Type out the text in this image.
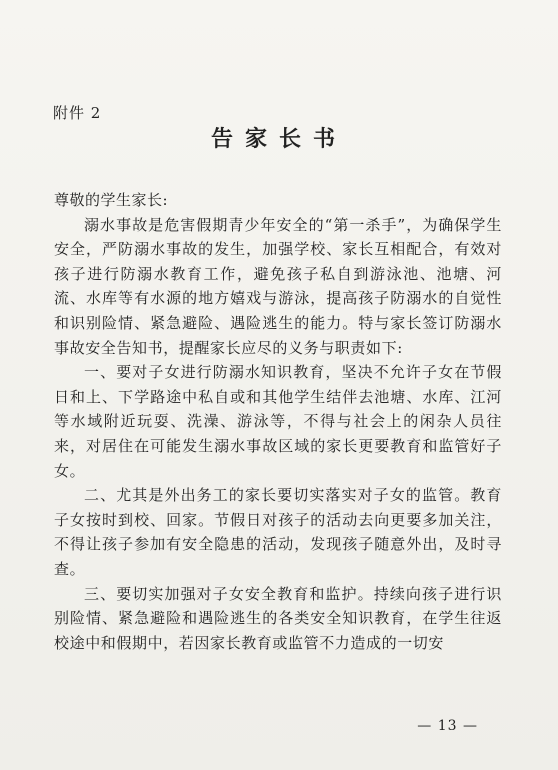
附件 2
告家长书

尊敬的学生家长:

溺水事故是危害假期青少年安全的“第一杀手”，为确保学生安全，严防溺水事故的发生，加强学校、家长互相配合，有效对孩子进行防溺水教育工作，避免孩子私自到游泳池、池塘、河流、水库等有水源的地方嬉戏与游泳，提高孩子防溺水的自觉性和识别险情、紧急避险、遇险逃生的能力。特与家长签订防溺水事故安全告知书，提醒家长应尽的义务与职责如下:

一、要对子女进行防溺水知识教育，坚决不允许子女在节假日和上、下学路途中私自或和其他学生结伴去池塘、水库、江河等水域附近玩耍、洗澡、游泳等，不得与社会上的闲杂人员往来，对居住在可能发生溺水事故区域的家长更要教育和监管好子女。

二、尤其是外出务工的家长要切实落实对子女的监管。教育子女按时到校、回家。节假日对孩子的活动去向更要多加关注，不得让孩子参加有安全隐患的活动，发现孩子随意外出，及时寻查。

三、要切实加强对子女安全教育和监护。持续向孩子进行识别险情、紧急避险和遇险逃生的各类安全知识教育，在学生往返校途中和假期中，若因家长教育或监管不力造成的一切安

— 13 —
